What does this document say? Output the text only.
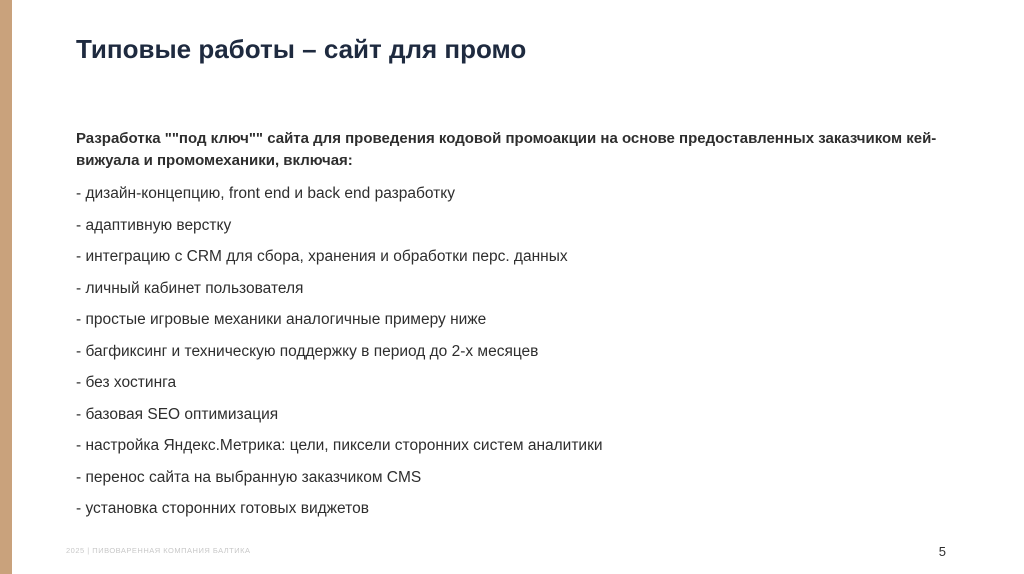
Типовые работы – сайт для промо

Разработка ""под ключ"" сайта для проведения кодовой промоакции на основе предоставленных заказчиком кей-вижуала и промомеханики, включая:

- дизайн-концепцию, front end и back end разработку
- адаптивную верстку
- интеграцию с CRM для сбора, хранения и обработки перс. данных
- личный кабинет пользователя
- простые игровые механики аналогичные примеру ниже
- багфиксинг и техническую поддержку в период до 2-х месяцев
- без хостинга
- базовая SEO оптимизация
- настройка Яндекс.Метрика: цели, пиксели сторонних систем аналитики
- перенос сайта на выбранную заказчиком CMS
- установка сторонних готовых виджетов
2025 | ПИВОВАРЕННАЯ КОМПАНИЯ БАЛТИКА	5
